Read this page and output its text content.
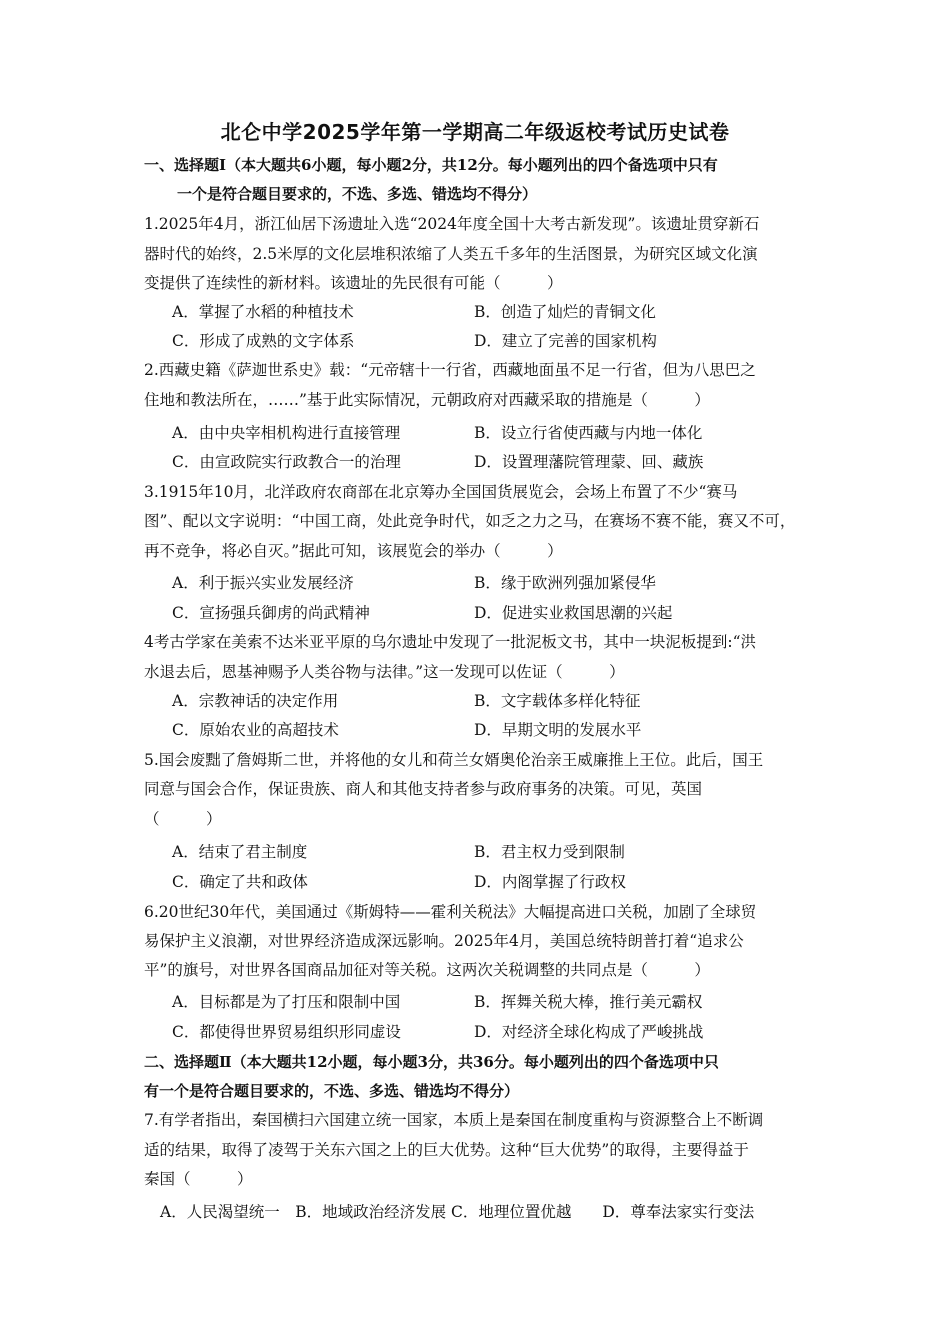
北仑中学2025学年第一学期高二年级返校考试历史试卷
一、选择题Ⅰ（本大题共6小题，每小题2分，共12分。每小题列出的四个备选项中只有
一个是符合题目要求的，不选、多选、错选均不得分）
1.2025年4月，浙江仙居下汤遗址入选“2024年度全国十大考古新发现”。该遗址贯穿新石
器时代的始终，2.5米厚的文化层堆积浓缩了人类五千多年的生活图景，为研究区域文化演
变提供了连续性的新材料。该遗址的先民很有可能（　　　）
A．掌握了水稻的种植技术	B．创造了灿烂的青铜文化
C．形成了成熟的文字体系	D．建立了完善的国家机构
2.西藏史籍《萨迦世系史》载：“元帝辖十一行省，西藏地面虽不足一行省，但为八思巴之
住地和教法所在，……”基于此实际情况，元朝政府对西藏采取的措施是（　　　）
A．由中央宰相机构进行直接管理	B．设立行省使西藏与内地一体化
C．由宣政院实行政教合一的治理	D．设置理藩院管理蒙、回、藏族
3.1915年10月，北洋政府农商部在北京筹办全国国货展览会，会场上布置了不少“赛马
图”、配以文字说明：“中国工商，处此竞争时代，如乏之力之马，在赛场不赛不能，赛又不可，
再不竞争，将必自灭。”据此可知，该展览会的举办（　　　）
A．利于振兴实业发展经济	B．缘于欧洲列强加紧侵华
C．宣扬强兵御虏的尚武精神	D．促进实业救国思潮的兴起
4考古学家在美索不达米亚平原的乌尔遗址中发现了一批泥板文书，其中一块泥板提到:“洪
水退去后，恩基神赐予人类谷物与法律。”这一发现可以佐证（　　　）
A．宗教神话的决定作用	B．文字载体多样化特征
C．原始农业的高超技术	D．早期文明的发展水平
5.国会废黜了詹姆斯二世，并将他的女儿和荷兰女婿奥伦治亲王威廉推上王位。此后，国王
同意与国会合作，保证贵族、商人和其他支持者参与政府事务的决策。可见，英国
（　　　）
A．结束了君主制度	B．君主权力受到限制
C．确定了共和政体	D．内阁掌握了行政权
6.20世纪30年代，美国通过《斯姆特——霍利关税法》大幅提高进口关税，加剧了全球贸
易保护主义浪潮，对世界经济造成深远影响。2025年4月，美国总统特朗普打着“追求公
平”的旗号，对世界各国商品加征对等关税。这两次关税调整的共同点是（　　　）
A．目标都是为了打压和限制中国	B．挥舞关税大棒，推行美元霸权
C．都使得世界贸易组织形同虚设	D．对经济全球化构成了严峻挑战
二、选择题Ⅱ（本大题共12小题，每小题3分，共36分。每小题列出的四个备选项中只
有一个是符合题目要求的，不选、多选、错选均不得分）
7.有学者指出，秦国横扫六国建立统一国家，本质上是秦国在制度重构与资源整合上不断调
适的结果，取得了凌驾于关东六国之上的巨大优势。这种“巨大优势”的取得，主要得益于
秦国（　　　）
A．人民渴望统一　B．地域政治经济发展 C．地理位置优越　　D．尊奉法家实行变法
